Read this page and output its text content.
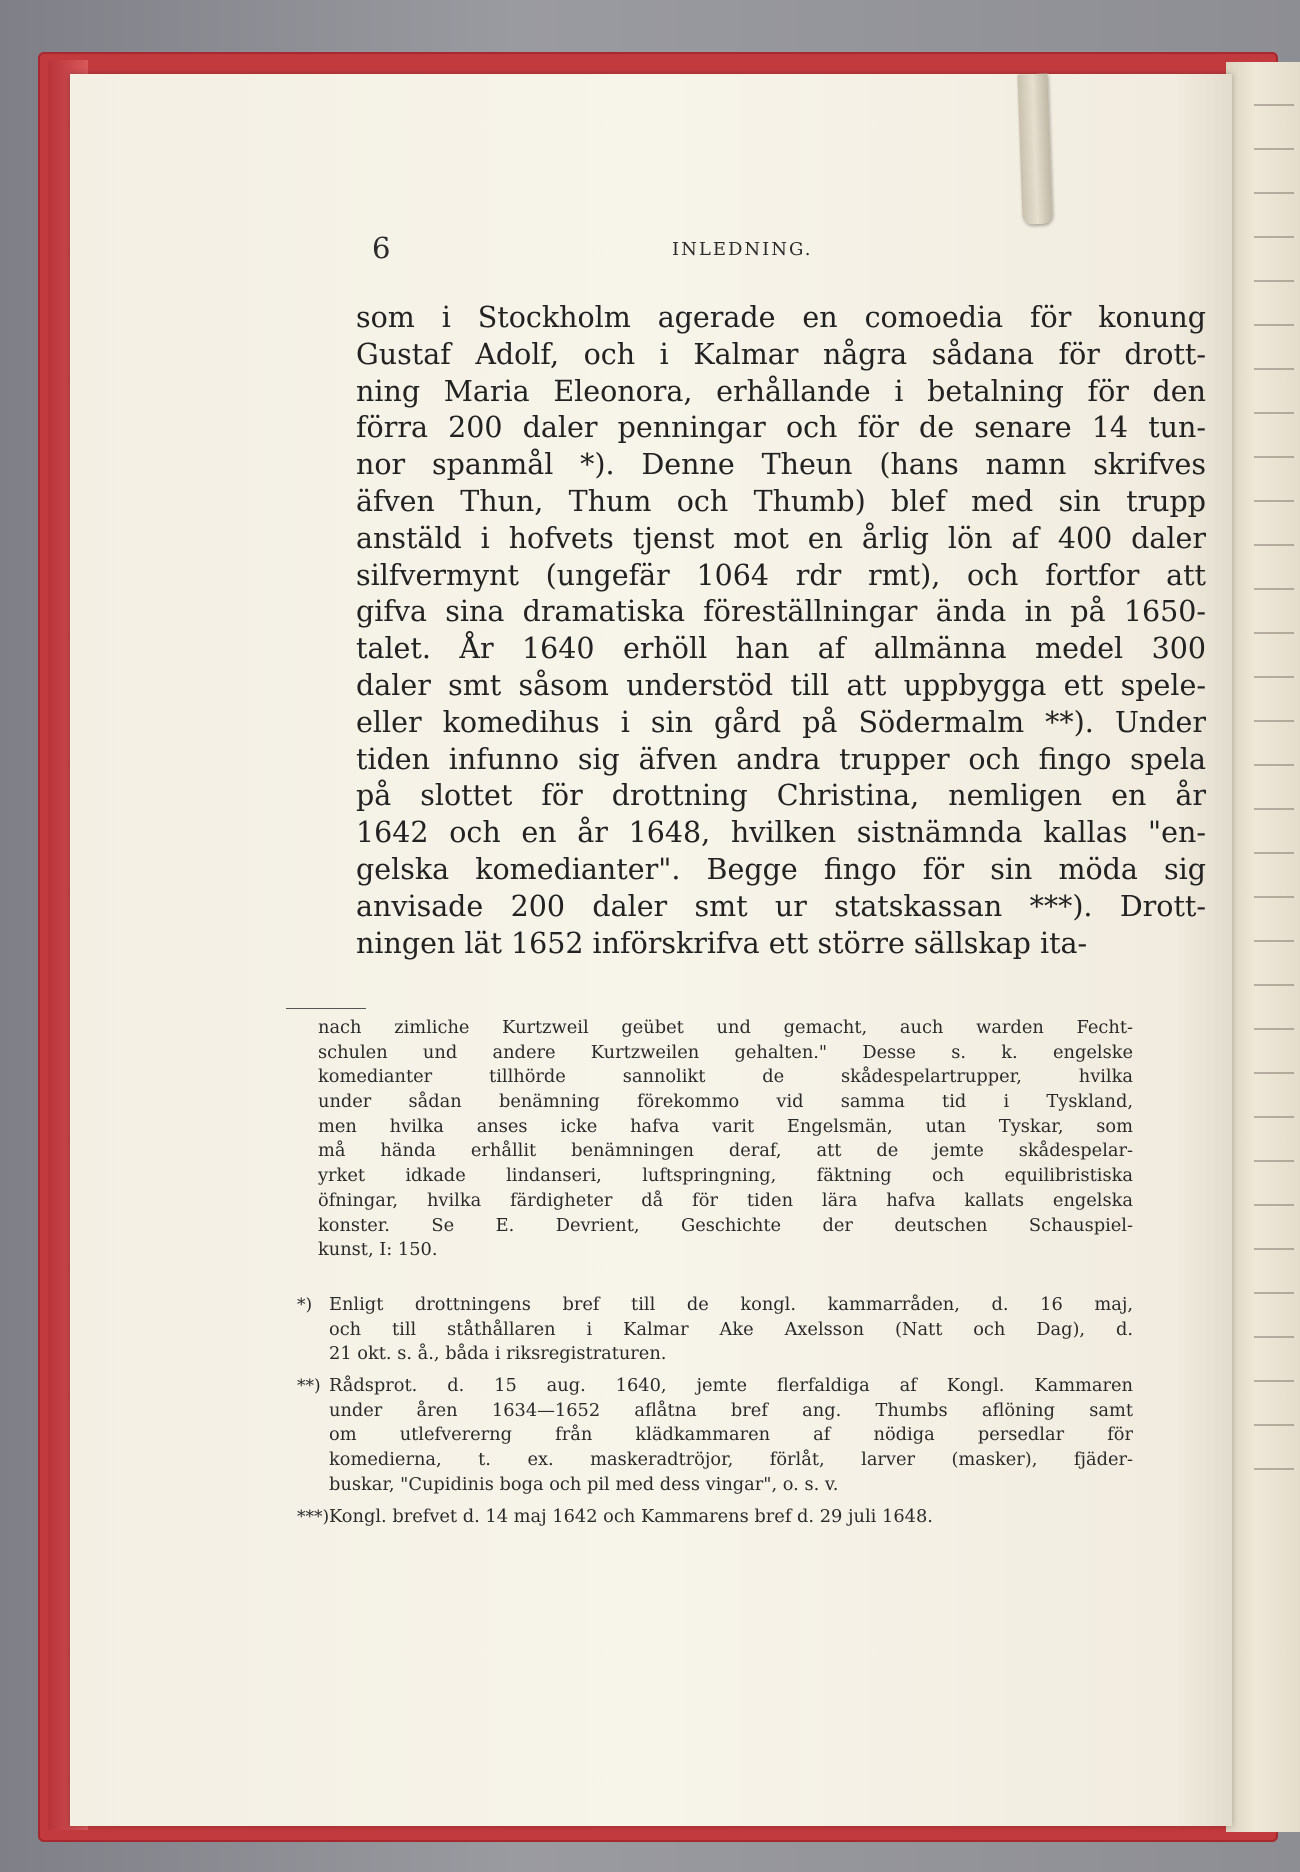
6	INLEDNING.
som i Stockholm agerade en comoedia för konung
Gustaf Adolf, och i Kalmar några sådana för drott-
ning Maria Eleonora, erhållande i betalning för den
förra 200 daler penningar och för de senare 14 tun-
nor spanmål *). Denne Theun (hans namn skrifves
äfven Thun, Thum och Thumb) blef med sin trupp
anstäld i hofvets tjenst mot en årlig lön af 400 daler
silfvermynt (ungefär 1064 rdr rmt), och fortfor att
gifva sina dramatiska föreställningar ända in på 1650-
talet. År 1640 erhöll han af allmänna medel 300
daler smt såsom understöd till att uppbygga ett spele-
eller komedihus i sin gård på Södermalm **). Under
tiden infunno sig äfven andra trupper och fingo spela
på slottet för drottning Christina, nemligen en år
1642 och en år 1648, hvilken sistnämnda kallas "en-
gelska komedianter". Begge fingo för sin möda sig
anvisade 200 daler smt ur statskassan ***). Drott-
ningen lät 1652 införskrifva ett större sällskap ita-
nach zimliche Kurtzweil geübet und gemacht, auch warden Fecht-
schulen und andere Kurtzweilen gehalten." Desse s. k. engelske
komedianter tillhörde sannolikt de skådespelartrupper, hvilka
under sådan benämning förekommo vid samma tid i Tyskland,
men hvilka anses icke hafva varit Engelsmän, utan Tyskar, som
må hända erhållit benämningen deraf, att de jemte skådespelar-
yrket idkade lindanseri, luftspringning, fäktning och equilibristiska
öfningar, hvilka färdigheter då för tiden lära hafva kallats engelska
konster. Se E. Devrient, Geschichte der deutschen Schauspiel-
kunst, I: 150.
*) Enligt drottningens bref till de kongl. kammarråden, d. 16 maj,
och till ståthållaren i Kalmar Ake Axelsson (Natt och Dag), d.
21 okt. s. å., båda i riksregistraturen.
**) Rådsprot. d. 15 aug. 1640, jemte flerfaldiga af Kongl. Kammaren
under åren 1634—1652 aflåtna bref ang. Thumbs aflöning samt
om utlefvererng från klädkammaren af nödiga persedlar för
komedierna, t. ex. maskeradtröjor, förlåt, larver (masker), fjäder-
buskar, "Cupidinis boga och pil med dess vingar", o. s. v.
***) Kongl. brefvet d. 14 maj 1642 och Kammarens bref d. 29 juli 1648.
